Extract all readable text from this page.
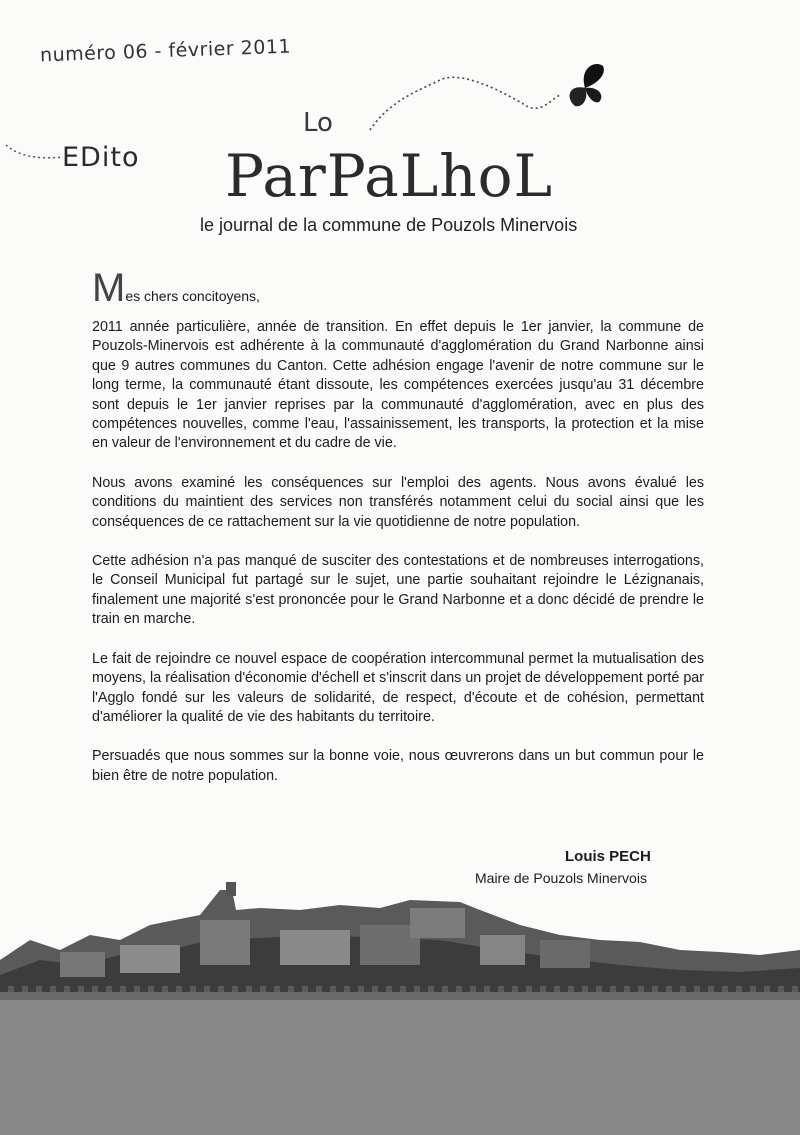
numéro 06 - février 2011
EDito
Lo
ParPaLhoL
le journal de la commune de Pouzols Minervois
Mes chers concitoyens,

2011 année particulière, année de transition. En effet depuis le 1er janvier, la commune de Pouzols-Minervois est adhérente à la communauté d'agglomération du Grand Narbonne ainsi que 9 autres communes du Canton. Cette adhésion engage l'avenir de notre commune sur le long terme, la communauté étant dissoute, les compétences exercées jusqu'au 31 décembre sont depuis le 1er janvier reprises par la communauté d'agglomération, avec en plus des compétences nouvelles, comme l'eau, l'assainissement, les transports, la protection et la mise en valeur de l'environnement et du cadre de vie.

Nous avons examiné les conséquences sur l'emploi des agents. Nous avons évalué les conditions du maintient des services non transférés notamment celui du social ainsi que les conséquences de ce rattachement sur la vie quotidienne de notre population.

Cette adhésion n'a pas manqué de susciter des contestations et de nombreuses interrogations, le Conseil Municipal fut partagé sur le sujet, une partie souhaitant rejoindre le Lézignanais, finalement une majorité s'est prononcée pour le Grand Narbonne et a donc décidé de prendre le train en marche.

Le fait de rejoindre ce nouvel espace de coopération intercommunal permet la mutualisation des moyens, la réalisation d'économie d'échell et s'inscrit dans un projet de développement porté par l'Agglo fondé sur les valeurs de solidarité, de respect, d'écoute et de cohésion, permettant d'améliorer la qualité de vie des habitants du territoire.

Persuadés que nous sommes sur la bonne voie, nous œuvrerons dans un but commun pour le bien être de notre population.

Louis PECH
Maire de Pouzols Minervois
